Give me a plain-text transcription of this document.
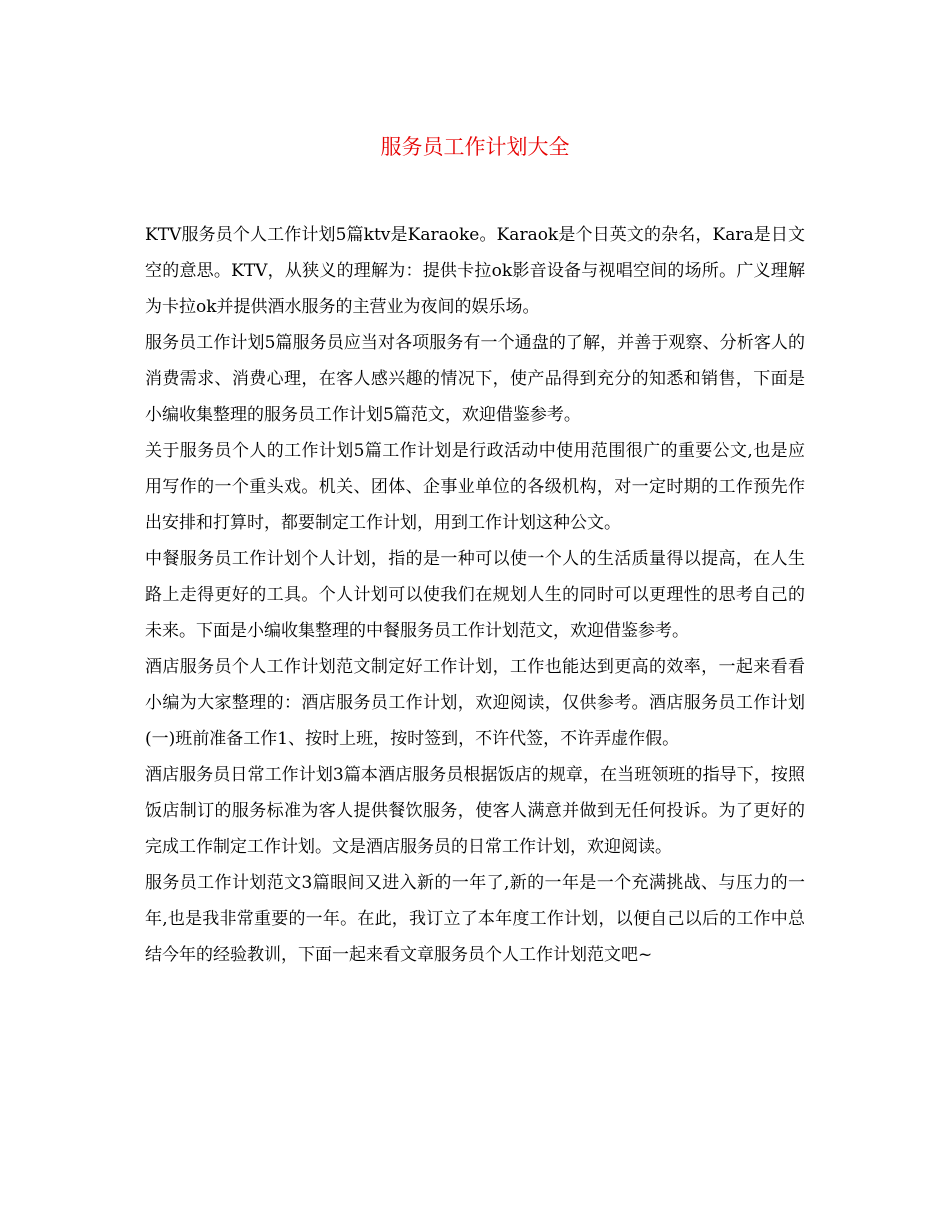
服务员工作计划大全

KTV服务员个人工作计划5篇ktv是Karaoke。Karaok是个日英文的杂名，Kara是日文空的意思。KTV，从狭义的理解为：提供卡拉ok影音设备与视唱空间的场所。广义理解为卡拉ok并提供酒水服务的主营业为夜间的娱乐场。

服务员工作计划5篇服务员应当对各项服务有一个通盘的了解，并善于观察、分析客人的消费需求、消费心理，在客人感兴趣的情况下，使产品得到充分的知悉和销售，下面是小编收集整理的服务员工作计划5篇范文，欢迎借鉴参考。

关于服务员个人的工作计划5篇工作计划是行政活动中使用范围很广的重要公文,也是应用写作的一个重头戏。机关、团体、企事业单位的各级机构，对一定时期的工作预先作出安排和打算时，都要制定工作计划，用到工作计划这种公文。

中餐服务员工作计划个人计划，指的是一种可以使一个人的生活质量得以提高，在人生路上走得更好的工具。个人计划可以使我们在规划人生的同时可以更理性的思考自己的未来。下面是小编收集整理的中餐服务员工作计划范文，欢迎借鉴参考。

酒店服务员个人工作计划范文制定好工作计划，工作也能达到更高的效率，一起来看看小编为大家整理的：酒店服务员工作计划，欢迎阅读，仅供参考。酒店服务员工作计划(一)班前准备工作1、按时上班，按时签到，不许代签，不许弄虚作假。

酒店服务员日常工作计划3篇本酒店服务员根据饭店的规章，在当班领班的指导下，按照饭店制订的服务标准为客人提供餐饮服务，使客人满意并做到无任何投诉。为了更好的完成工作制定工作计划。文是酒店服务员的日常工作计划，欢迎阅读。

服务员工作计划范文3篇眼间又进入新的一年了,新的一年是一个充满挑战、与压力的一年,也是我非常重要的一年。在此，我订立了本年度工作计划，以便自己以后的工作中总结今年的经验教训，下面一起来看文章服务员个人工作计划范文吧~
